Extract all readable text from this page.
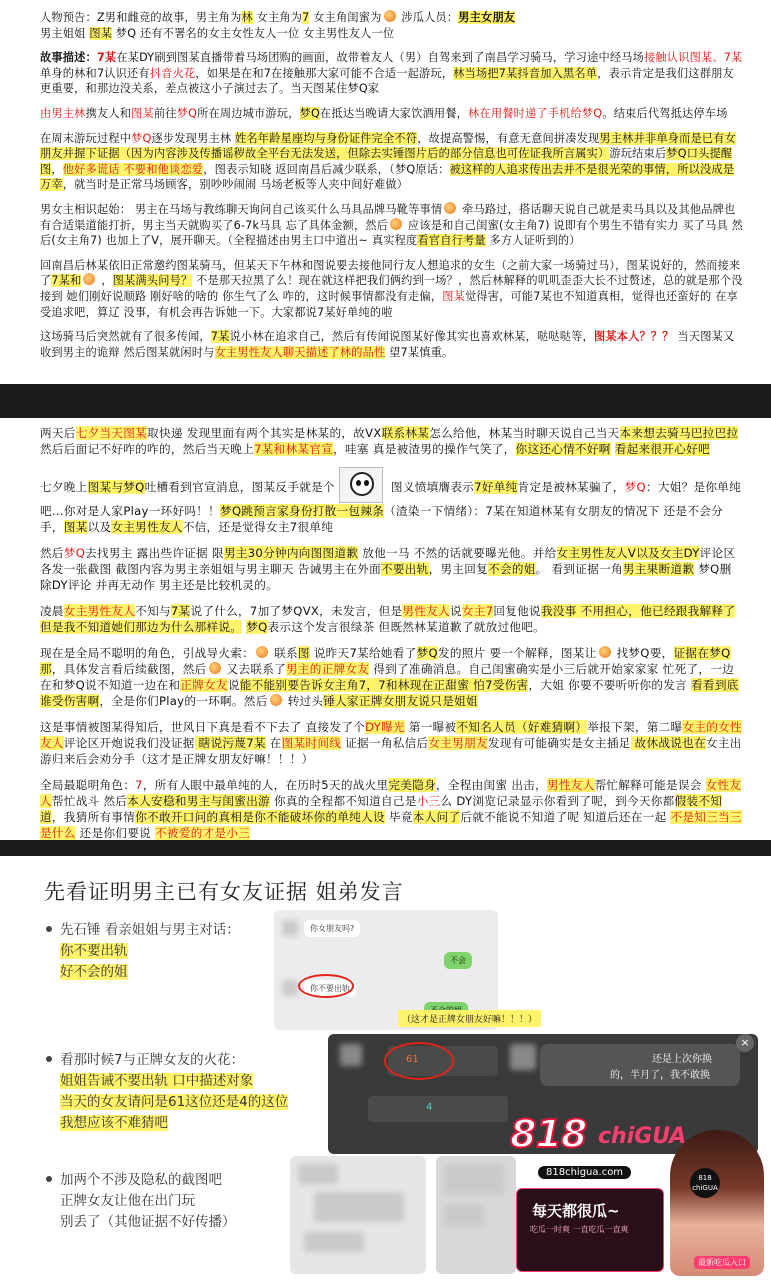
人物预告：Z男和雌竞的故事，男主角为林 女主角为7 女主角闺蜜为 涉瓜人员：男主女朋友
男主姐姐 图某 梦Q 还有不署名的女主女性友人一位 女主男性友人一位

故事描述：7某在某DY刷到图某直播带着马场团购的画面，故带着友人（男）自驾来到了南昌学习骑马，学习途中经马场接触认识图某、7某单身的林和7认识还有抖音火花，如果是在和7在接触那大家可能不合适一起游玩，林当场把7某抖音加入黑名单，表示肯定是我们这群朋友更重要，和那边没关系，差点被这小子演过去了。当天图某住梦Q家

由男主林携友人和图某前往梦Q所在周边城市游玩，梦Q在抵达当晚请大家饮酒用餐，林在用餐时递了手机给梦Q。结束后代驾抵达停车场

在周末游玩过程中梦Q逐步发现男主林 姓名年龄星座均与身份证件完全不符，故提高警惕，有意无意间拼凑发现男主林并非单身而是已有女朋友并握下证据（因为内容涉及传播谣秽故全平台无法发送，但除去实锤图片后的部分信息也可佐证我所言属实）游玩结束后梦Q口头提醒图，他好多谎话 不要和他谈恋爱，图表示知晓 返回南昌后减少联系，（梦Q原话：被这样的人追求传出去并不是很光荣的事情，所以没成是万幸，就当时是正常马场顾客，别吵吵闹闹 马场老板等人夹中间好难做）

男女主相识起始： 男主在马场与教练聊天询问自己该买什么马具品牌马靴等事情 牵马路过，搭话聊天说自己就是卖马具以及其他品牌也有合适渠道能打折，男主当天就购买了6-7k马具 忘了具体金额，然后 应该是和自己闺蜜(女主角7) 说即有个男生不错有实力 买了马具 然后(女主角7) 也加上了V，展开聊天。（全程描述由男主口中道出~ 真实程度看官自行考量 多方人证听到的）

回南昌后林某依旧正常邀约图某骑马，但某天下午林和图说要去接他同行友人想追求的女生（之前大家一场骑过马），图某说好的，然而接来了7某和 ，图某满头问号？ 不是那天拉黑了么！现在就这样把我们俩约到一场？，然后林解释的叽叽歪歪大长不过赘述，总的就是那个没接到 她们刚好说顺路 刚好啥的啥的 你生气了么 咋的，这时候事情都没有走偏，图某觉得害，可能7某也不知道真相，觉得也还蛮好的 在享受追求吧，算辽 没事，有机会再告诉她一下。大家都说7某好单纯的啦

这场骑马后突然就有了很多传闻，7某说小林在追求自己，然后有传闻说图某好像其实也喜欢林某，哒哒哒等，图某本人？？？ 当天图某又收到男主的诡辩 然后图某就闲时与女主男性友人聊天描述了林的品性 望7某慎重。

两天后七夕当天图某取快递 发现里面有两个其实是林某的，故VX联系林某怎么给他，林某当时聊天说自己当天本来想去骑马巴拉巴拉 然后后面记不好咋的咋的，然后当天晚上7某和林某官宣，哇塞 真是被渣男的操作气笑了，你这还心情不好啊 看起来很开心好吧

七夕晚上图某与梦Q吐槽看到官宣消息，图某反手就是个	图义愤填膺表示7好单纯肯定是被林某骗了，梦Q：大姐？是你单纯吧...你对是人家Play一环好吗！！梦Q跳预言家身份打散一包辣条（渣染一下情绪）：7某在知道林某有女朋友的情况下 还是不会分手，图某以及女主男性友人不信，还是觉得女主7很单纯

然后梦Q去找男主 露出些许证据 限男主30分钟内向图图道歉 放他一马 不然的话就要曝光他。并给女主男性友人V以及女主DY评论区各发一张截图 截图内容为男主亲姐姐与男主聊天 告诫男主在外面不要出轨，男主回复不会的姐。 看到证据一角男主果断道歉 梦Q删除DY评论 并再无动作 男主还是比较机灵的。

凌晨女主男性友人不知与7某说了什么，7加了梦QVX，未发言，但是男性友人说女主7回复他说我没事 不用担心，他已经跟我解释了 但是我不知道她们那边为什么那样说。 梦Q表示这个发言很绿茶 但既然林某道歉了就放过他吧。

现在是全局不聪明的角色，引战导火索： 联系图 说昨天7某给她看了梦Q发的照片 要一个解释，图某让 找梦Q要，证据在梦Q那，具体发言看后续截图，然后 又去联系了男主的正牌女友 得到了准确消息。自己闺蜜确实是小三后就开始家家家 忙死了，一边在和梦Q说不知道一边在和正牌女友说能不能别要告诉女主角7，7和林现在正甜蜜 怕7受伤害，大姐 你要不要听听你的发言 看看到底谁受伤害啊，全是你们Play的一环啊。然后 转过头锤人家正牌女朋友说只是姐姐

这是事情被图某得知后，世风日下真是看不下去了 直接发了个DY曝光 第一曝被不知名人员（好难猜啊）举报下架，第二曝女主的女性友人评论区开炮说我们没证据 瞎说污蔑7某 在图某时间线 证据一角私信后女主男朋友发现有可能确实是女主插足 故休战说也在女主出游归来后会劝分手（这才是正牌女朋友好嘛！！！）

全局最聪明角色：7，所有人眼中最单纯的人，在历时5天的战火里完美隐身，全程由闺蜜 出击，男性友人帮忙解释可能是误会 女性友人帮忙战斗 然后本人安稳和男主与闺蜜出游 你真的全程都不知道自己是小三么 DY浏览记录显示你看到了呢，到今天你都假装不知道，我猜所有事情你不敢开口问的真相是你不能破坏你的单纯人设 毕竟本人问了后就不能说不知道了呢 知道后还在一起 不是知三当三是什么 还是你们要说 不被爱的才是小三

先看证明男主已有女友证据 姐弟发言
先石锤 看亲姐姐与男主对话：
你不要出轨
好不会的姐
看那时候7与正牌女友的火花：
姐姐告诫不要出轨 口中描述对象
当天的女友请问是61这位还是4的这位
我想应该不难猜吧
加两个不涉及隐私的截图吧
正牌女友让他在出门玩
别丢了（其他证据不好传播）
你女朋友吗?
不会
你不要出轨
（这才是正牌女朋友好嘛！！！）
61
4
还是上次你换
的，半月了，我不敢换
×
818 chiGUA
818chigua.com
每天都很瓜~
吃瓜一时爽 一直吃瓜一直爽
818 chiGUA
最新吃瓜入口
